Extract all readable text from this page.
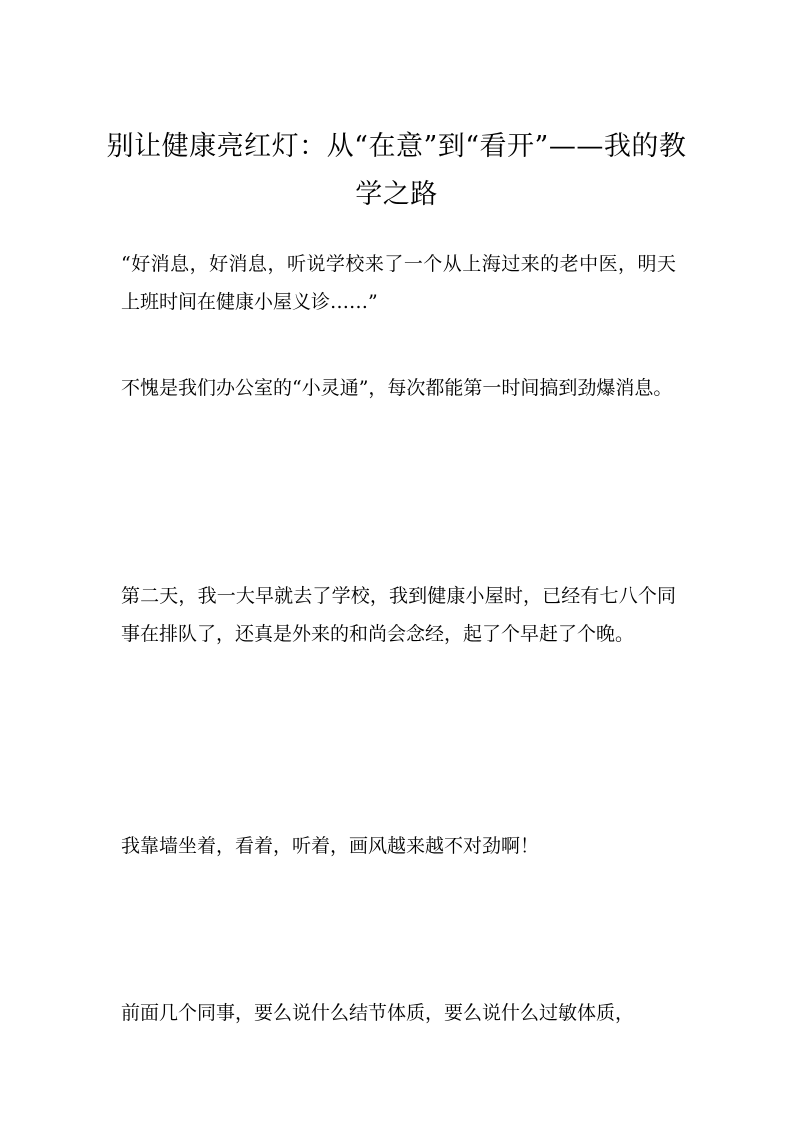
别让健康亮红灯：从“在意”到“看开”——我的教学之路

“好消息，好消息，听说学校来了一个从上海过来的老中医，明天上班时间在健康小屋义诊……”

不愧是我们办公室的“小灵通”，每次都能第一时间搞到劲爆消息。

第二天，我一大早就去了学校，我到健康小屋时，已经有七八个同事在排队了，还真是外来的和尚会念经，起了个早赶了个晚。

我靠墙坐着，看着，听着，画风越来越不对劲啊！

前面几个同事，要么说什么结节体质，要么说什么过敏体质，
